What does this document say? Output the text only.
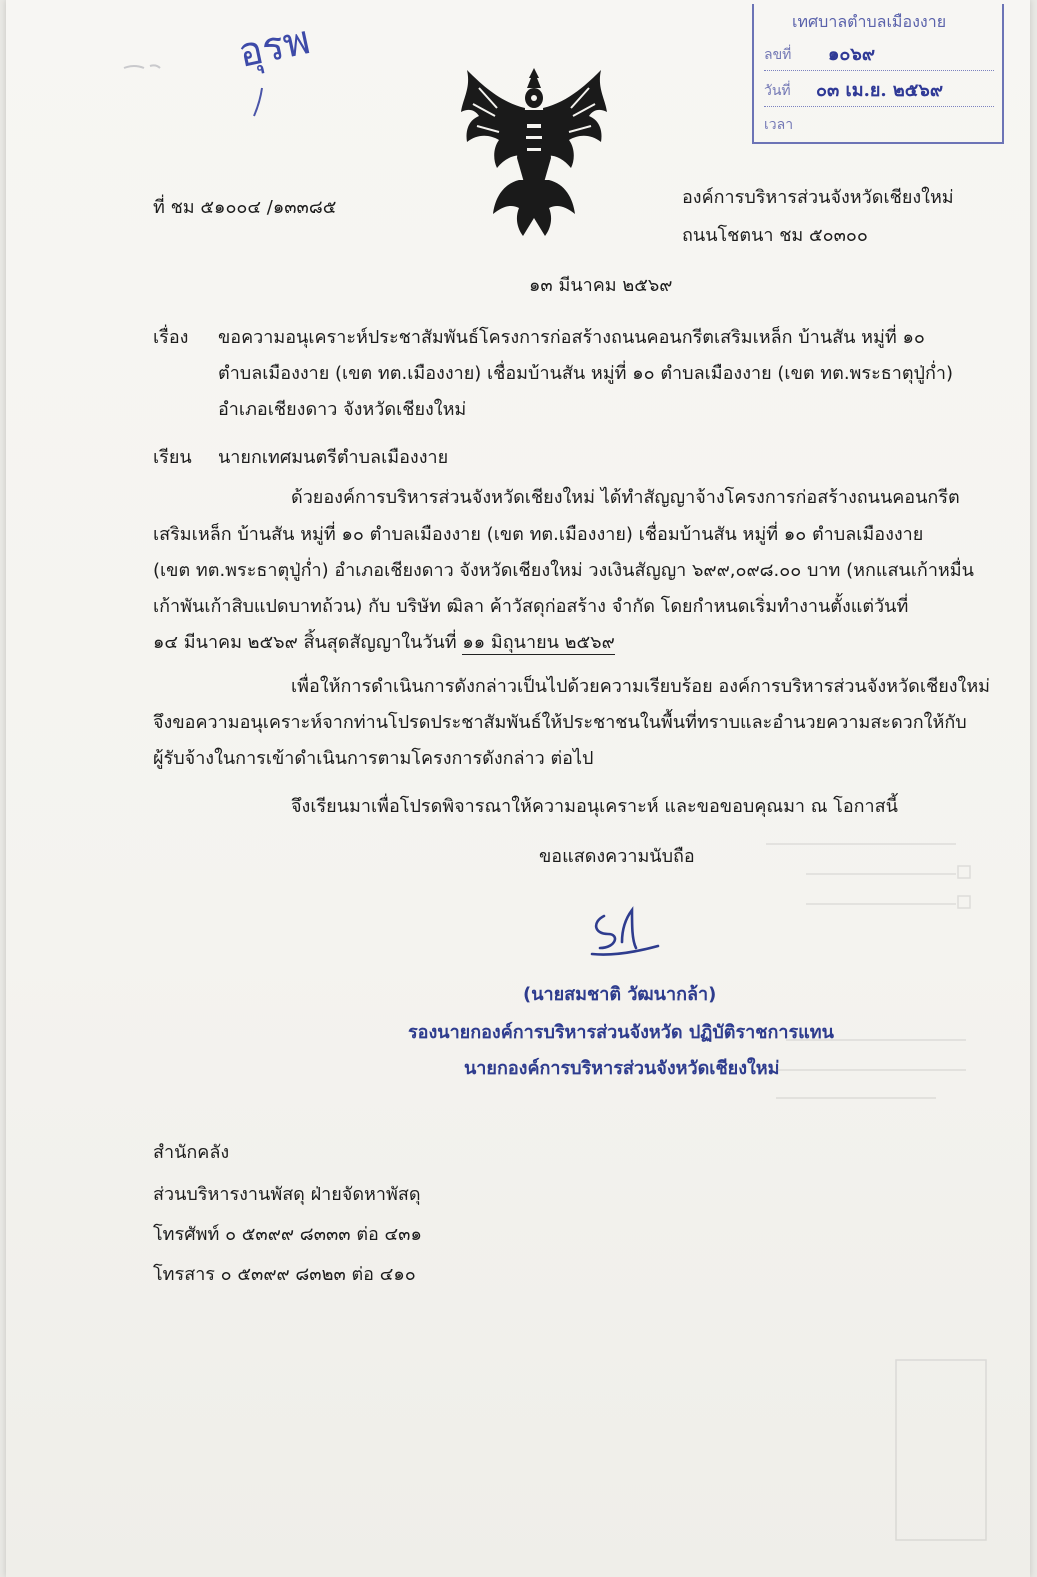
อุรพ	เทศบาลตำบลเมืองงาย
ลขที่ ๑๐๖๙
วันที่ ๐๓ เม.ย. ๒๕๖๙
เวลา
ที่ ชม ๕๑๐๐๔ /๑๓๓๘๕	องค์การบริหารส่วนจังหวัดเชียงใหม่
ถนนโชตนา ชม ๕๐๓๐๐
๑๓ มีนาคม ๒๕๖๙
เรื่อง ขอความอนุเคราะห์ประชาสัมพันธ์โครงการก่อสร้างถนนคอนกรีตเสริมเหล็ก บ้านสัน หมู่ที่ ๑๐
ตำบลเมืองงาย (เขต ทต.เมืองงาย) เชื่อมบ้านสัน หมู่ที่ ๑๐ ตำบลเมืองงาย (เขต ทต.พระธาตุปู่ก่ำ)
อำเภอเชียงดาว จังหวัดเชียงใหม่
เรียน นายกเทศมนตรีตำบลเมืองงาย
ด้วยองค์การบริหารส่วนจังหวัดเชียงใหม่ ได้ทำสัญญาจ้างโครงการก่อสร้างถนนคอนกรีต
เสริมเหล็ก บ้านสัน หมู่ที่ ๑๐ ตำบลเมืองงาย (เขต ทต.เมืองงาย) เชื่อมบ้านสัน หมู่ที่ ๑๐ ตำบลเมืองงาย
(เขต ทต.พระธาตุปู่ก่ำ) อำเภอเชียงดาว จังหวัดเชียงใหม่ วงเงินสัญญา ๖๙๙,๐๙๘.๐๐ บาท (หกแสนเก้าหมื่น
เก้าพันเก้าสิบแปดบาทถ้วน) กับ บริษัท ฒิลา ค้าวัสดุก่อสร้าง จำกัด โดยกำหนดเริ่มทำงานตั้งแต่วันที่
๑๔ มีนาคม ๒๕๖๙ สิ้นสุดสัญญาในวันที่ ๑๑ มิถุนายน ๒๕๖๙
เพื่อให้การดำเนินการดังกล่าวเป็นไปด้วยความเรียบร้อย องค์การบริหารส่วนจังหวัดเชียงใหม่
จึงขอความอนุเคราะห์จากท่านโปรดประชาสัมพันธ์ให้ประชาชนในพื้นที่ทราบและอำนวยความสะดวกให้กับ
ผู้รับจ้างในการเข้าดำเนินการตามโครงการดังกล่าว ต่อไป
จึงเรียนมาเพื่อโปรดพิจารณาให้ความอนุเคราะห์ และขอขอบคุณมา ณ โอกาสนี้
ขอแสดงความนับถือ
(นายสมชาติ วัฒนากล้า)
รองนายกองค์การบริหารส่วนจังหวัด ปฏิบัติราชการแทน
นายกองค์การบริหารส่วนจังหวัดเชียงใหม่
สำนักคลัง
ส่วนบริหารงานพัสดุ ฝ่ายจัดหาพัสดุ
โทรศัพท์ ๐ ๕๓๙๙ ๘๓๓๓ ต่อ ๔๓๑
โทรสาร ๐ ๕๓๙๙ ๘๓๒๓ ต่อ ๔๑๐
